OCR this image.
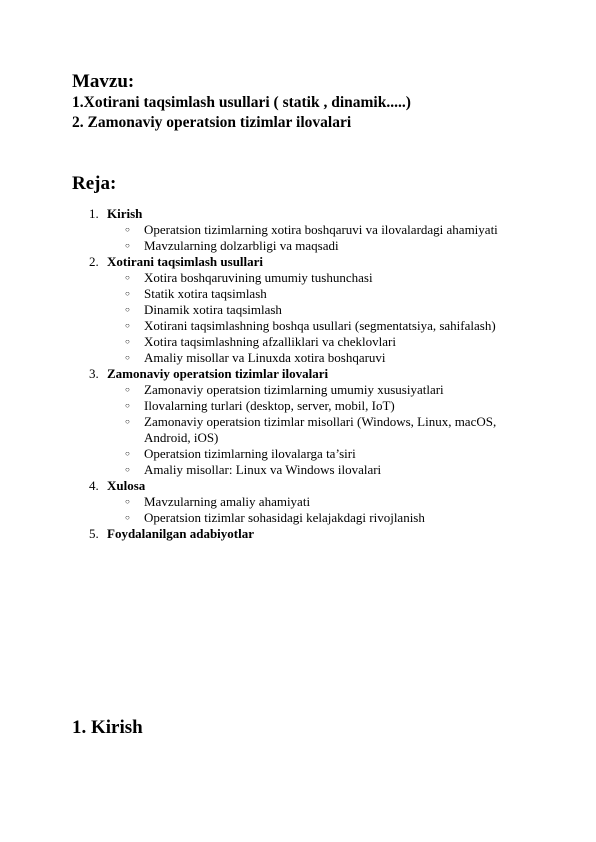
Mavzu:
1.Xotirani taqsimlash usullari ( statik , dinamik.....)
2. Zamonaviy operatsion tizimlar ilovalari
Reja:
1. Kirish
○ Operatsion tizimlarning xotira boshqaruvi va ilovalardagi ahamiyati
○ Mavzularning dolzarbligi va maqsadi
2. Xotirani taqsimlash usullari
○ Xotira boshqaruvining umumiy tushunchasi
○ Statik xotira taqsimlash
○ Dinamik xotira taqsimlash
○ Xotirani taqsimlashning boshqa usullari (segmentatsiya, sahifalash)
○ Xotira taqsimlashning afzalliklari va cheklovlari
○ Amaliy misollar va Linuxda xotira boshqaruvi
3. Zamonaviy operatsion tizimlar ilovalari
○ Zamonaviy operatsion tizimlarning umumiy xususiyatlari
○ Ilovalarning turlari (desktop, server, mobil, IoT)
○ Zamonaviy operatsion tizimlar misollari (Windows, Linux, macOS, Android, iOS)
○ Operatsion tizimlarning ilovalarga ta’siri
○ Amaliy misollar: Linux va Windows ilovalari
4. Xulosa
○ Mavzularning amaliy ahamiyati
○ Operatsion tizimlar sohasidagi kelajakdagi rivojlanish
5. Foydalanilgan adabiyotlar
1. Kirish
